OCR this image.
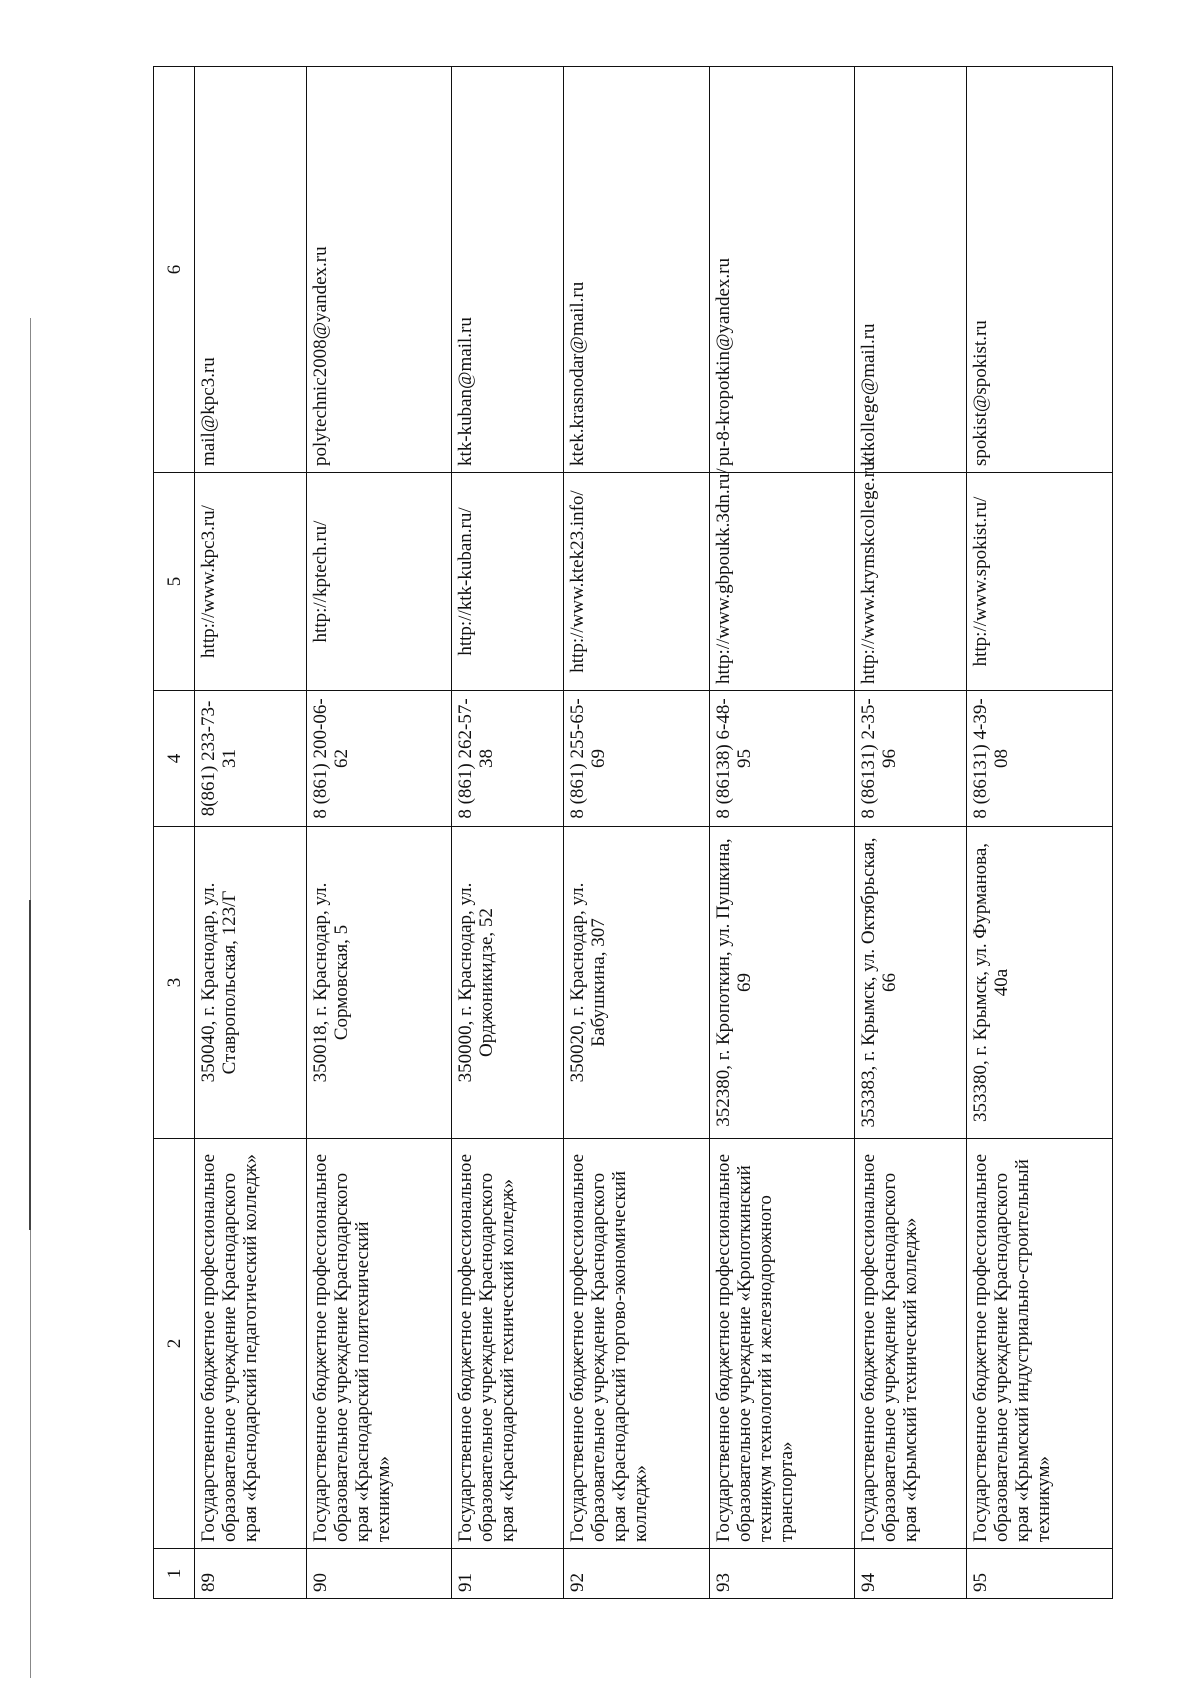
1	2	3	4	5	6
89	Государственное бюджетное профессиональное образовательное учреждение Краснодарского края «Краснодарский педагогический колледж»	350040, г. Краснодар, ул. Ставропольская, 123/Г	8(861) 233-73-31	http://www.kpc3.ru/	mail@kpc3.ru
90	Государственное бюджетное профессиональное образовательное учреждение Краснодарского края «Краснодарский политехнический техникум»	350018, г. Краснодар, ул. Сормовская, 5	8 (861) 200-06-62	http://kptech.ru/	polytechnic2008@yandex.ru
91	Государственное бюджетное профессиональное образовательное учреждение Краснодарского края «Краснодарский технический колледж»	350000, г. Краснодар, ул. Орджоникидзе, 52	8 (861) 262-57-38	http://ktk-kuban.ru/	ktk-kuban@mail.ru
92	Государственное бюджетное профессиональное образовательное учреждение Краснодарского края «Краснодарский торгово-экономический колледж»	350020, г. Краснодар, ул. Бабушкина, 307	8 (861) 255-65-69	http://www.ktek23.info/	ktek.krasnodar@mail.ru
93	Государственное бюджетное профессиональное образовательное учреждение «Кропоткинский техникум технологий и железнодорожного транспорта»	352380, г. Кропоткин, ул. Пушкина, 69	8 (86138) 6-48-95	http://www.gbpoukk.3dn.ru/	pu-8-kropotkin@yandex.ru
94	Государственное бюджетное профессиональное образовательное учреждение Краснодарского края «Крымский технический колледж»	353383, г. Крымск, ул. Октябрьская, 66	8 (86131) 2-35-96	http://www.krymskcollege.ru/	ktkollege@mail.ru
95	Государственное бюджетное профессиональное образовательное учреждение Краснодарского края «Крымский индустриально-строительный техникум»	353380, г. Крымск, ул. Фурманова, 40а	8 (86131) 4-39-08	http://www.spokist.ru/	spokist@spokist.ru
